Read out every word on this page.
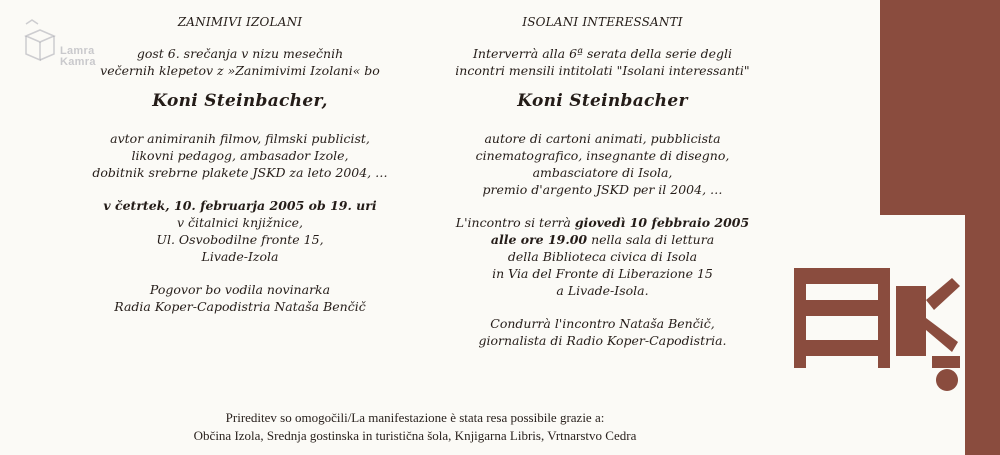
Lamra
Kamra
ZANIMIVI IZOLANI
gost 6. srečanja v nizu mesečnih
večernih klepetov z »Zanimivimi Izolani« bo
Koni Steinbacher,
avtor animiranih filmov, filmski publicist,
likovni pedagog, ambasador Izole,
dobitnik srebrne plakete JSKD za leto 2004, …
v četrtek, 10. februarja 2005 ob 19. uri
v čitalnici knjižnice,
Ul. Osvobodilne fronte 15,
Livade-Izola
Pogovor bo vodila novinarka
Radia Koper-Capodistria Nataša Benčič
ISOLANI INTERESSANTI
Interverrà alla 6ª serata della serie degli
incontri mensili intitolati "Isolani interessanti"
Koni Steinbacher
autore di cartoni animati, pubblicista
cinematografico, insegnante di disegno,
ambasciatore di Isola,
premio d'argento JSKD per il 2004, …
L'incontro si terrà giovedì 10 febbraio 2005
alle ore 19.00 nella sala di lettura
della Biblioteca civica di Isola
in Via del Fronte di Liberazione 15
a Livade-Isola.
Condurrà l'incontro Nataša Benčič,
giornalista di Radio Koper-Capodistria.
Prireditev so omogočili/La manifestazione è stata resa possibile grazie a:
Občina Izola, Srednja gostinska in turistična šola, Knjigarna Libris, Vrtnarstvo Cedra
